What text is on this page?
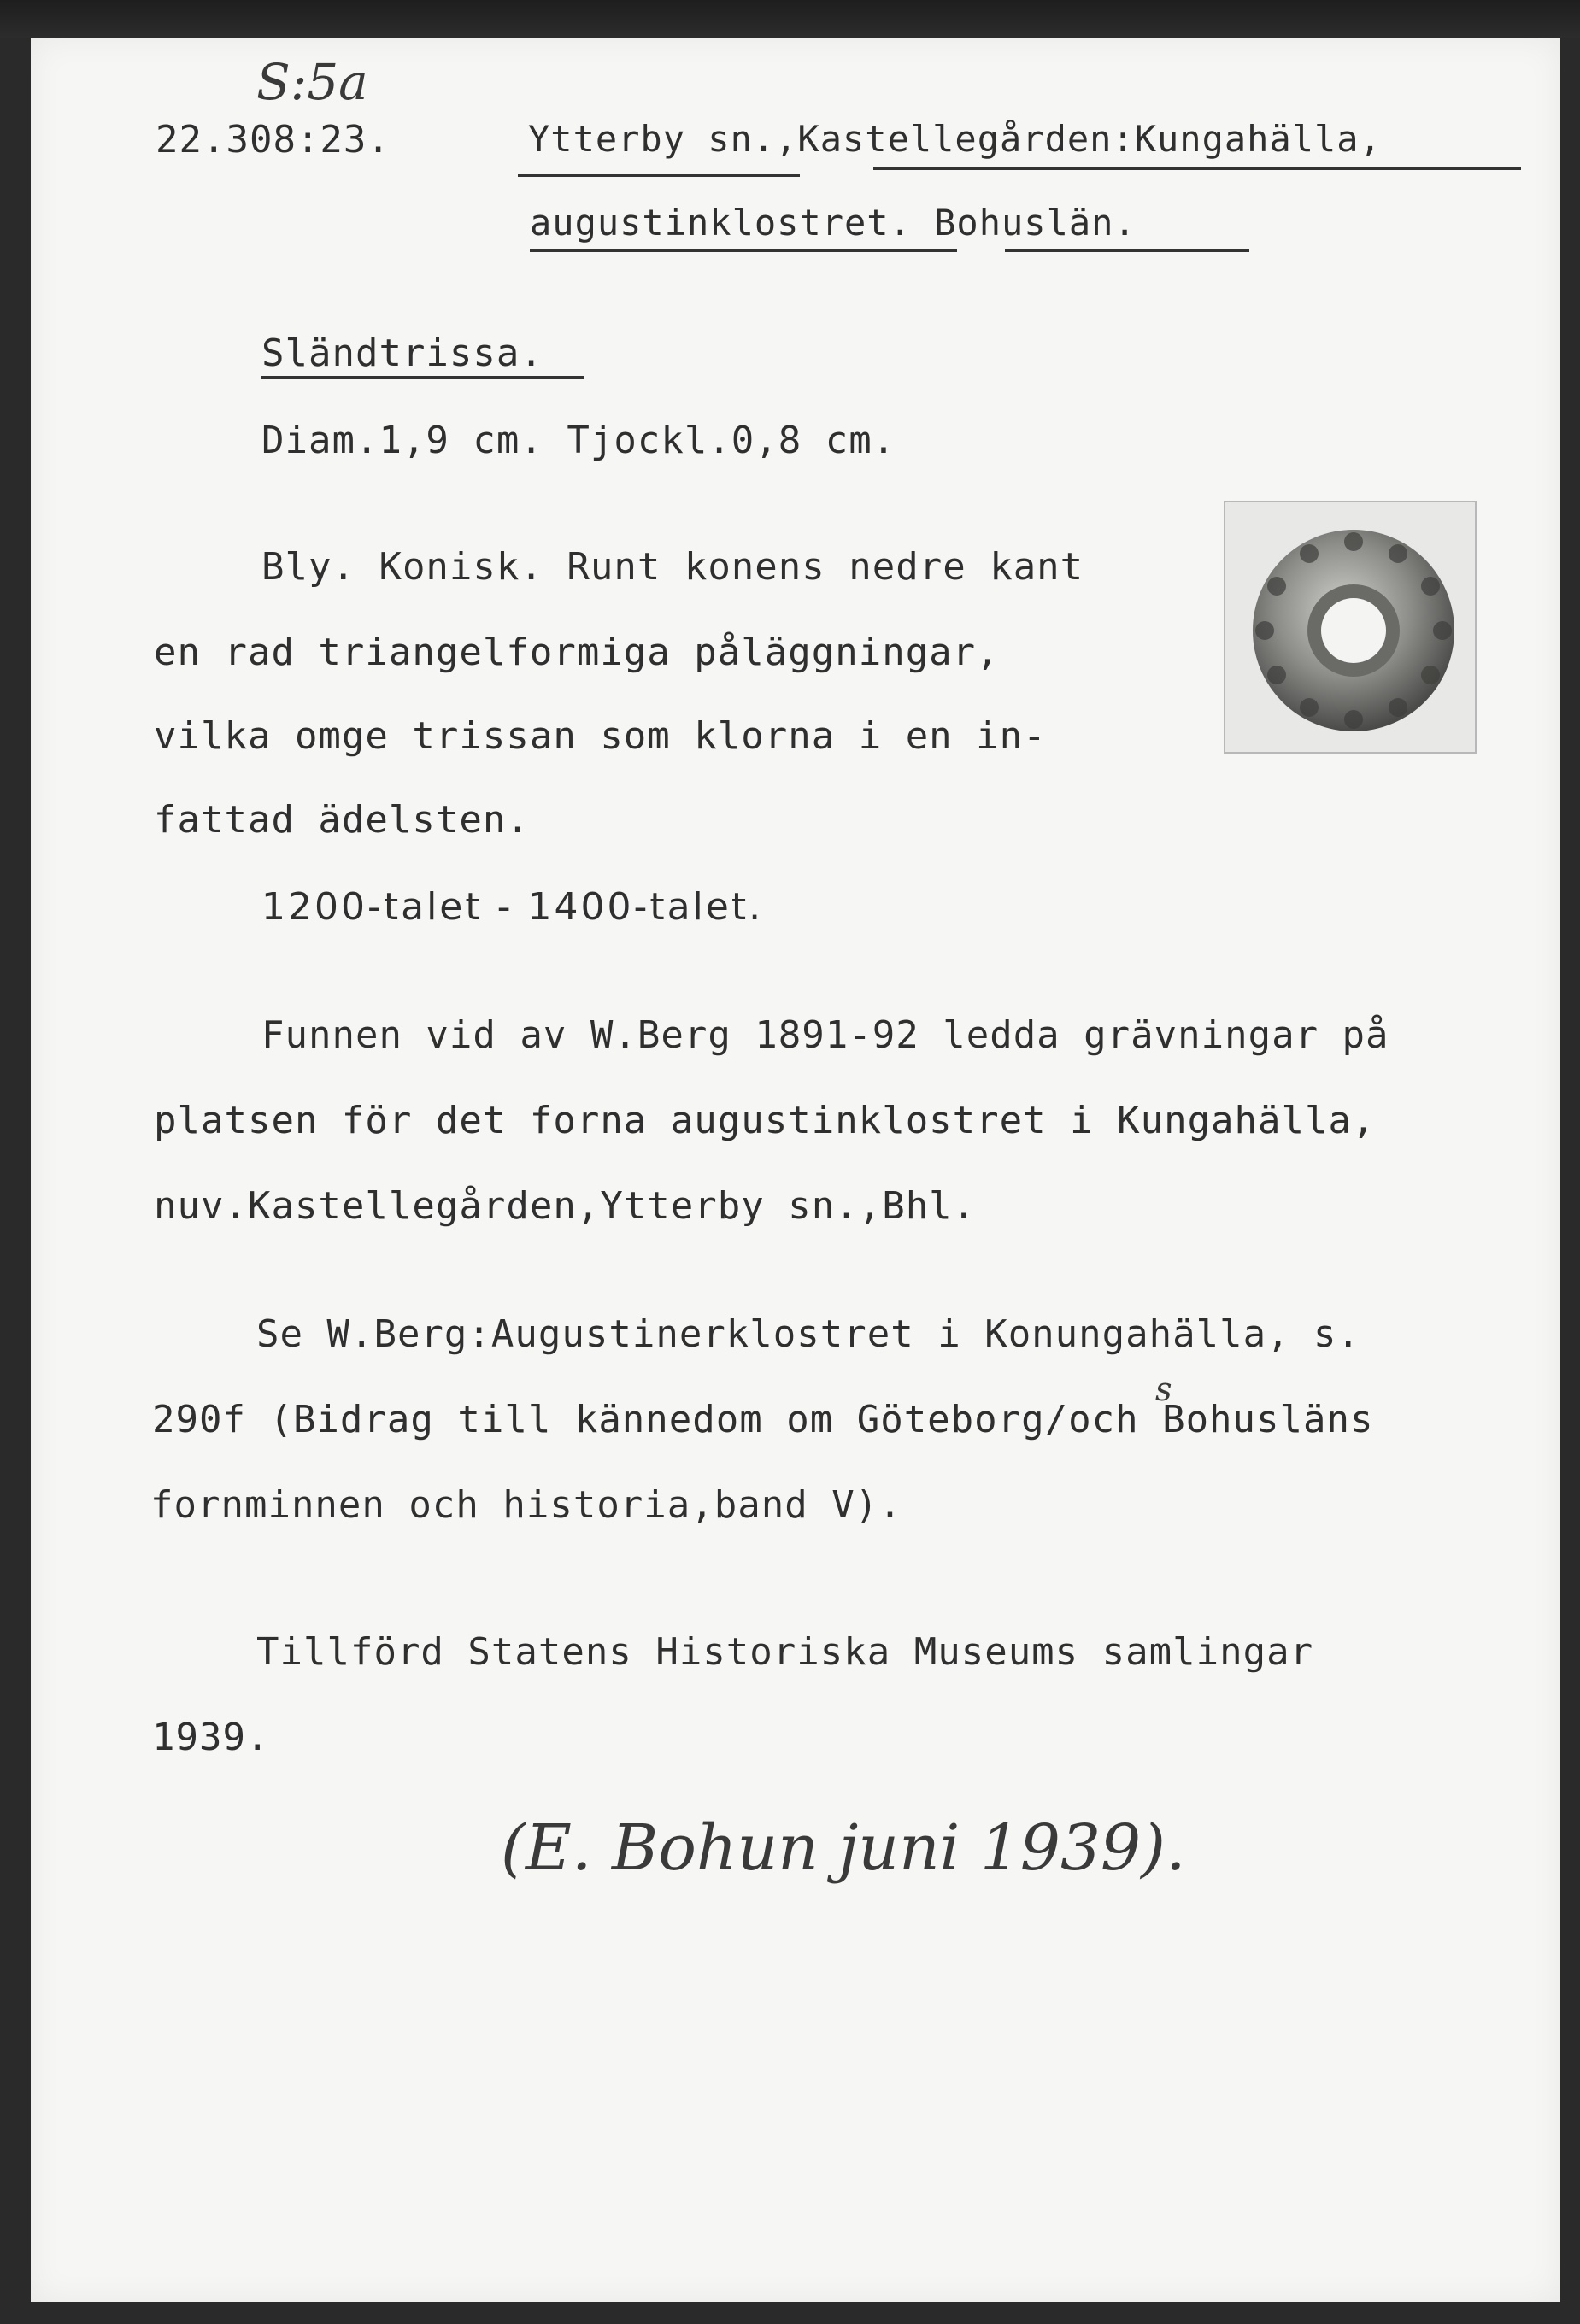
S:5a
22.308:23.	Ytterby sn.,Kastellegården:Kungahälla,
augustinklostret. Bohuslän.
Sländtrissa.
Diam.1,9 cm. Tjockl.0,8 cm.
Bly. Konisk. Runt konens nedre kant
en rad triangelformiga påläggningar,
vilka omge trissan som klorna i en in-
fattad ädelsten.
1200-talet - 1400-talet.
Funnen vid av W.Berg 1891-92 ledda grävningar på
platsen för det forna augustinklostret i Kungahälla,
nuv.Kastellegården,Ytterby sn.,Bhl.
Se W.Berg:Augustinerklostret i Konungahälla, s.
290f (Bidrag till kännedom om Göteborg/och Bohusläns
s
fornminnen och historia,band V).
Tillförd Statens Historiska Museums samlingar
1939.
(E. Bohun juni 1939).
